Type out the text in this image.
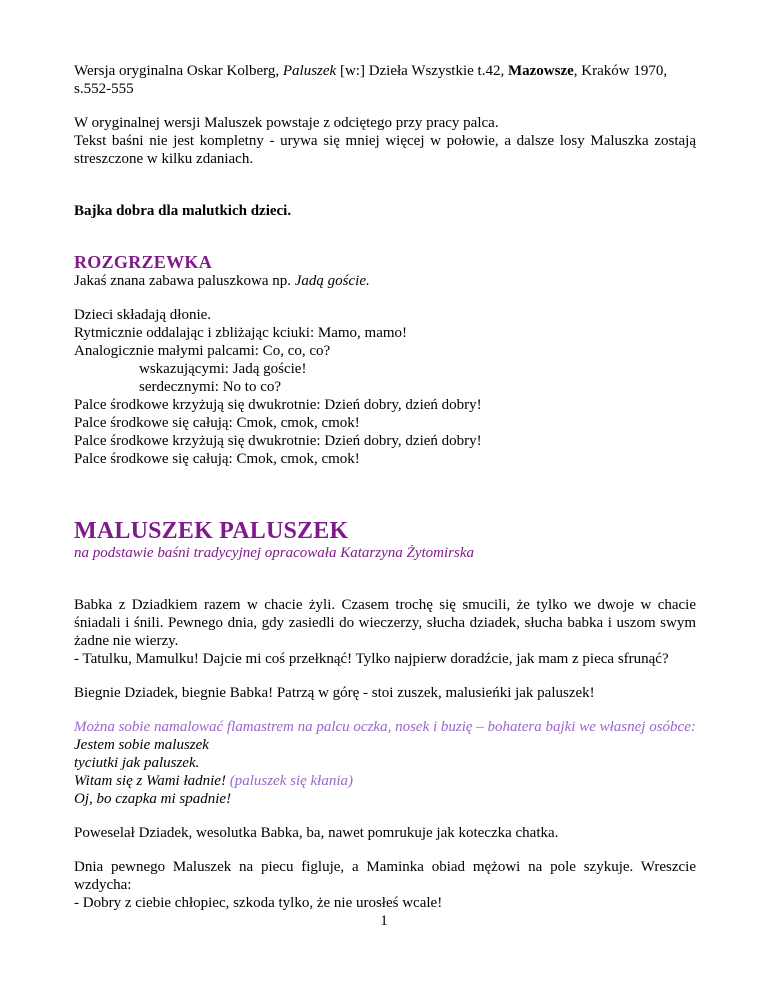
Wersja oryginalna Oskar Kolberg, Paluszek [w:] Dzieła Wszystkie t.42, Mazowsze, Kraków 1970,
s.552-555

W oryginalnej wersji Maluszek powstaje z odciętego przy pracy palca.

Tekst baśni nie jest kompletny - urywa się mniej więcej w połowie, a dalsze losy Maluszka zostają streszczone w kilku zdaniach.

Bajka dobra dla malutkich dzieci.

ROZGRZEWKA

Jakaś znana zabawa paluszkowa np. Jadą goście.

Dzieci składają dłonie.

Rytmicznie oddalając i zbliżając kciuki: Mamo, mamo!

Analogicznie małymi palcami: Co, co, co?

wskazującymi: Jadą goście!

serdecznymi: No to co?

Palce środkowe krzyżują się dwukrotnie: Dzień dobry, dzień dobry!

Palce środkowe się całują: Cmok, cmok, cmok!

Palce środkowe krzyżują się dwukrotnie: Dzień dobry, dzień dobry!

Palce środkowe się całują: Cmok, cmok, cmok!

MALUSZEK PALUSZEK

na podstawie baśni tradycyjnej opracowała Katarzyna Żytomirska

Babka z Dziadkiem razem w chacie żyli. Czasem trochę się smucili, że tylko we dwoje w chacie śniadali i śnili. Pewnego dnia, gdy zasiedli do wieczerzy, słucha dziadek, słucha babka i uszom swym żadne nie wierzy.

- Tatulku, Mamulku! Dajcie mi coś przełknąć! Tylko najpierw doradźcie, jak mam z pieca sfrunąć?

Biegnie Dziadek, biegnie Babka! Patrzą w górę - stoi zuszek, malusieńki jak paluszek!

Można sobie namalować flamastrem na palcu oczka, nosek i buzię – bohatera bajki we własnej osóbce:

Jestem sobie maluszek

tyciutki jak paluszek.

Witam się z Wami ładnie! (paluszek się kłania)

Oj, bo czapka mi spadnie!

Poweselał Dziadek, wesolutka Babka, ba, nawet pomrukuje jak koteczka chatka.

Dnia pewnego Maluszek na piecu figluje, a Maminka obiad mężowi na pole szykuje. Wreszcie wzdycha:

- Dobry z ciebie chłopiec, szkoda tylko, że nie urosłeś wcale!

1
